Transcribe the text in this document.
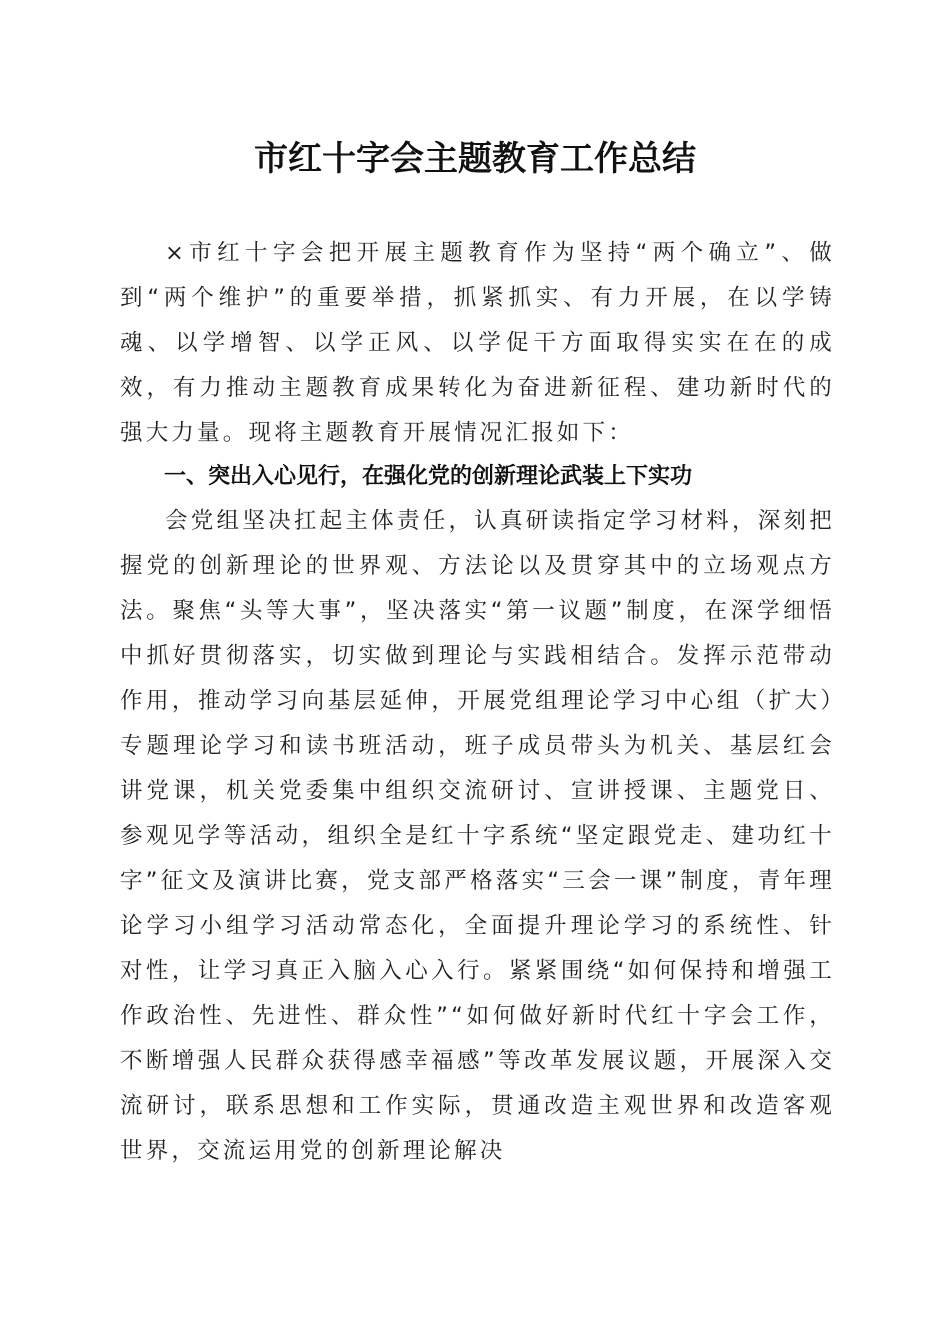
市红十字会主题教育工作总结

×市红十字会把开展主题教育作为坚持“两个确立”、做到“两个维护”的重要举措，抓紧抓实、有力开展，在以学铸魂、以学增智、以学正风、以学促干方面取得实实在在的成效，有力推动主题教育成果转化为奋进新征程、建功新时代的强大力量。现将主题教育开展情况汇报如下：

一、突出入心见行，在强化党的创新理论武装上下实功

会党组坚决扛起主体责任，认真研读指定学习材料，深刻把握党的创新理论的世界观、方法论以及贯穿其中的立场观点方法。聚焦“头等大事”，坚决落实“第一议题”制度，在深学细悟中抓好贯彻落实，切实做到理论与实践相结合。发挥示范带动作用，推动学习向基层延伸，开展党组理论学习中心组（扩大）专题理论学习和读书班活动，班子成员带头为机关、基层红会讲党课，机关党委集中组织交流研讨、宣讲授课、主题党日、参观见学等活动，组织全是红十字系统“坚定跟党走、建功红十字”征文及演讲比赛，党支部严格落实“三会一课”制度，青年理论学习小组学习活动常态化，全面提升理论学习的系统性、针对性，让学习真正入脑入心入行。紧紧围绕“如何保持和增强工作政治性、先进性、群众性”“如何做好新时代红十字会工作，不断增强人民群众获得感幸福感”等改革发展议题，开展深入交流研讨，联系思想和工作实际，贯通改造主观世界和改造客观世界，交流运用党的创新理论解决
